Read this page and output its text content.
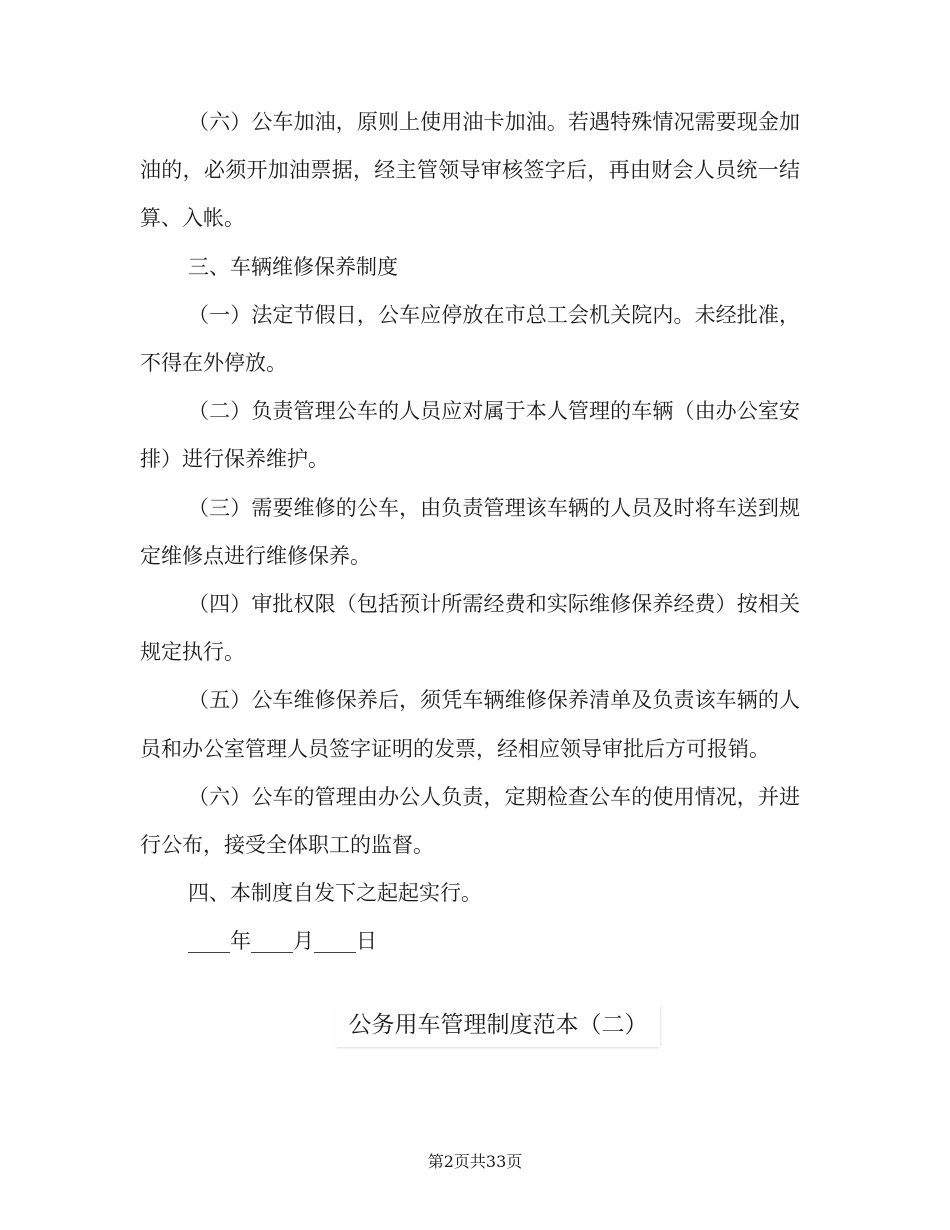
（六）公车加油，原则上使用油卡加油。若遇特殊情况需要现金加油的，必须开加油票据，经主管领导审核签字后，再由财会人员统一结算、入帐。

三、车辆维修保养制度

（一）法定节假日，公车应停放在市总工会机关院内。未经批准，不得在外停放。

（二）负责管理公车的人员应对属于本人管理的车辆（由办公室安排）进行保养维护。

（三）需要维修的公车，由负责管理该车辆的人员及时将车送到规定维修点进行维修保养。

（四）审批权限（包括预计所需经费和实际维修保养经费）按相关规定执行。

（五）公车维修保养后，须凭车辆维修保养清单及负责该车辆的人员和办公室管理人员签字证明的发票，经相应领导审批后方可报销。

（六）公车的管理由办公人负责，定期检查公车的使用情况，并进行公布，接受全体职工的监督。

四、本制度自发下之起起实行。

____年____月____日

公务用车管理制度范本（二）
第2页共33页
